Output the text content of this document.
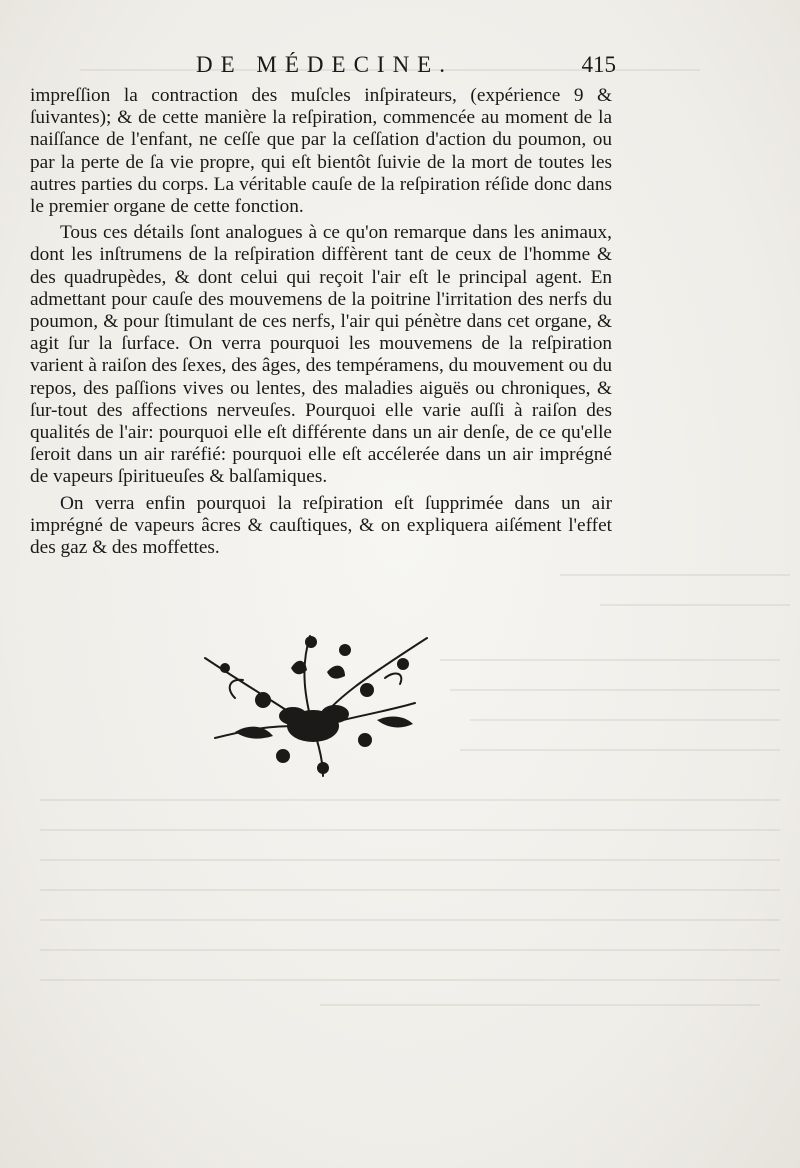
DE MÉDECINE.	415

impreſſion la contraction des muſcles inſpirateurs, (expérience 9 & ſuivantes); & de cette manière la reſpiration, commencée au moment de la naiſſance de l'enfant, ne ceſſe que par la ceſſation d'action du poumon, ou par la perte de ſa vie propre, qui eſt bientôt ſuivie de la mort de toutes les autres parties du corps. La véritable cauſe de la reſpiration réſide donc dans le premier organe de cette fonction.

Tous ces détails ſont analogues à ce qu'on remarque dans les animaux, dont les inſtrumens de la reſpiration diffèrent tant de ceux de l'homme & des quadrupèdes, & dont celui qui reçoit l'air eſt le principal agent. En admettant pour cauſe des mouvemens de la poitrine l'irritation des nerfs du poumon, & pour ſtimulant de ces nerfs, l'air qui pénètre dans cet organe, & agit ſur la ſurface. On verra pourquoi les mouvemens de la reſpiration varient à raiſon des ſexes, des âges, des tempéramens, du mouvement ou du repos, des paſſions vives ou lentes, des maladies aiguës ou chroniques, & ſur-tout des affections nerveuſes. Pourquoi elle varie auſſi à raiſon des qualités de l'air: pourquoi elle eſt différente dans un air denſe, de ce qu'elle ſeroit dans un air raréfié: pourquoi elle eſt accélerée dans un air imprégné de vapeurs ſpiritueuſes & balſamiques.

On verra enfin pourquoi la reſpiration eſt ſupprimée dans un air imprégné de vapeurs âcres & cauſtiques, & on expliquera aiſément l'effet des gaz & des moffettes.
